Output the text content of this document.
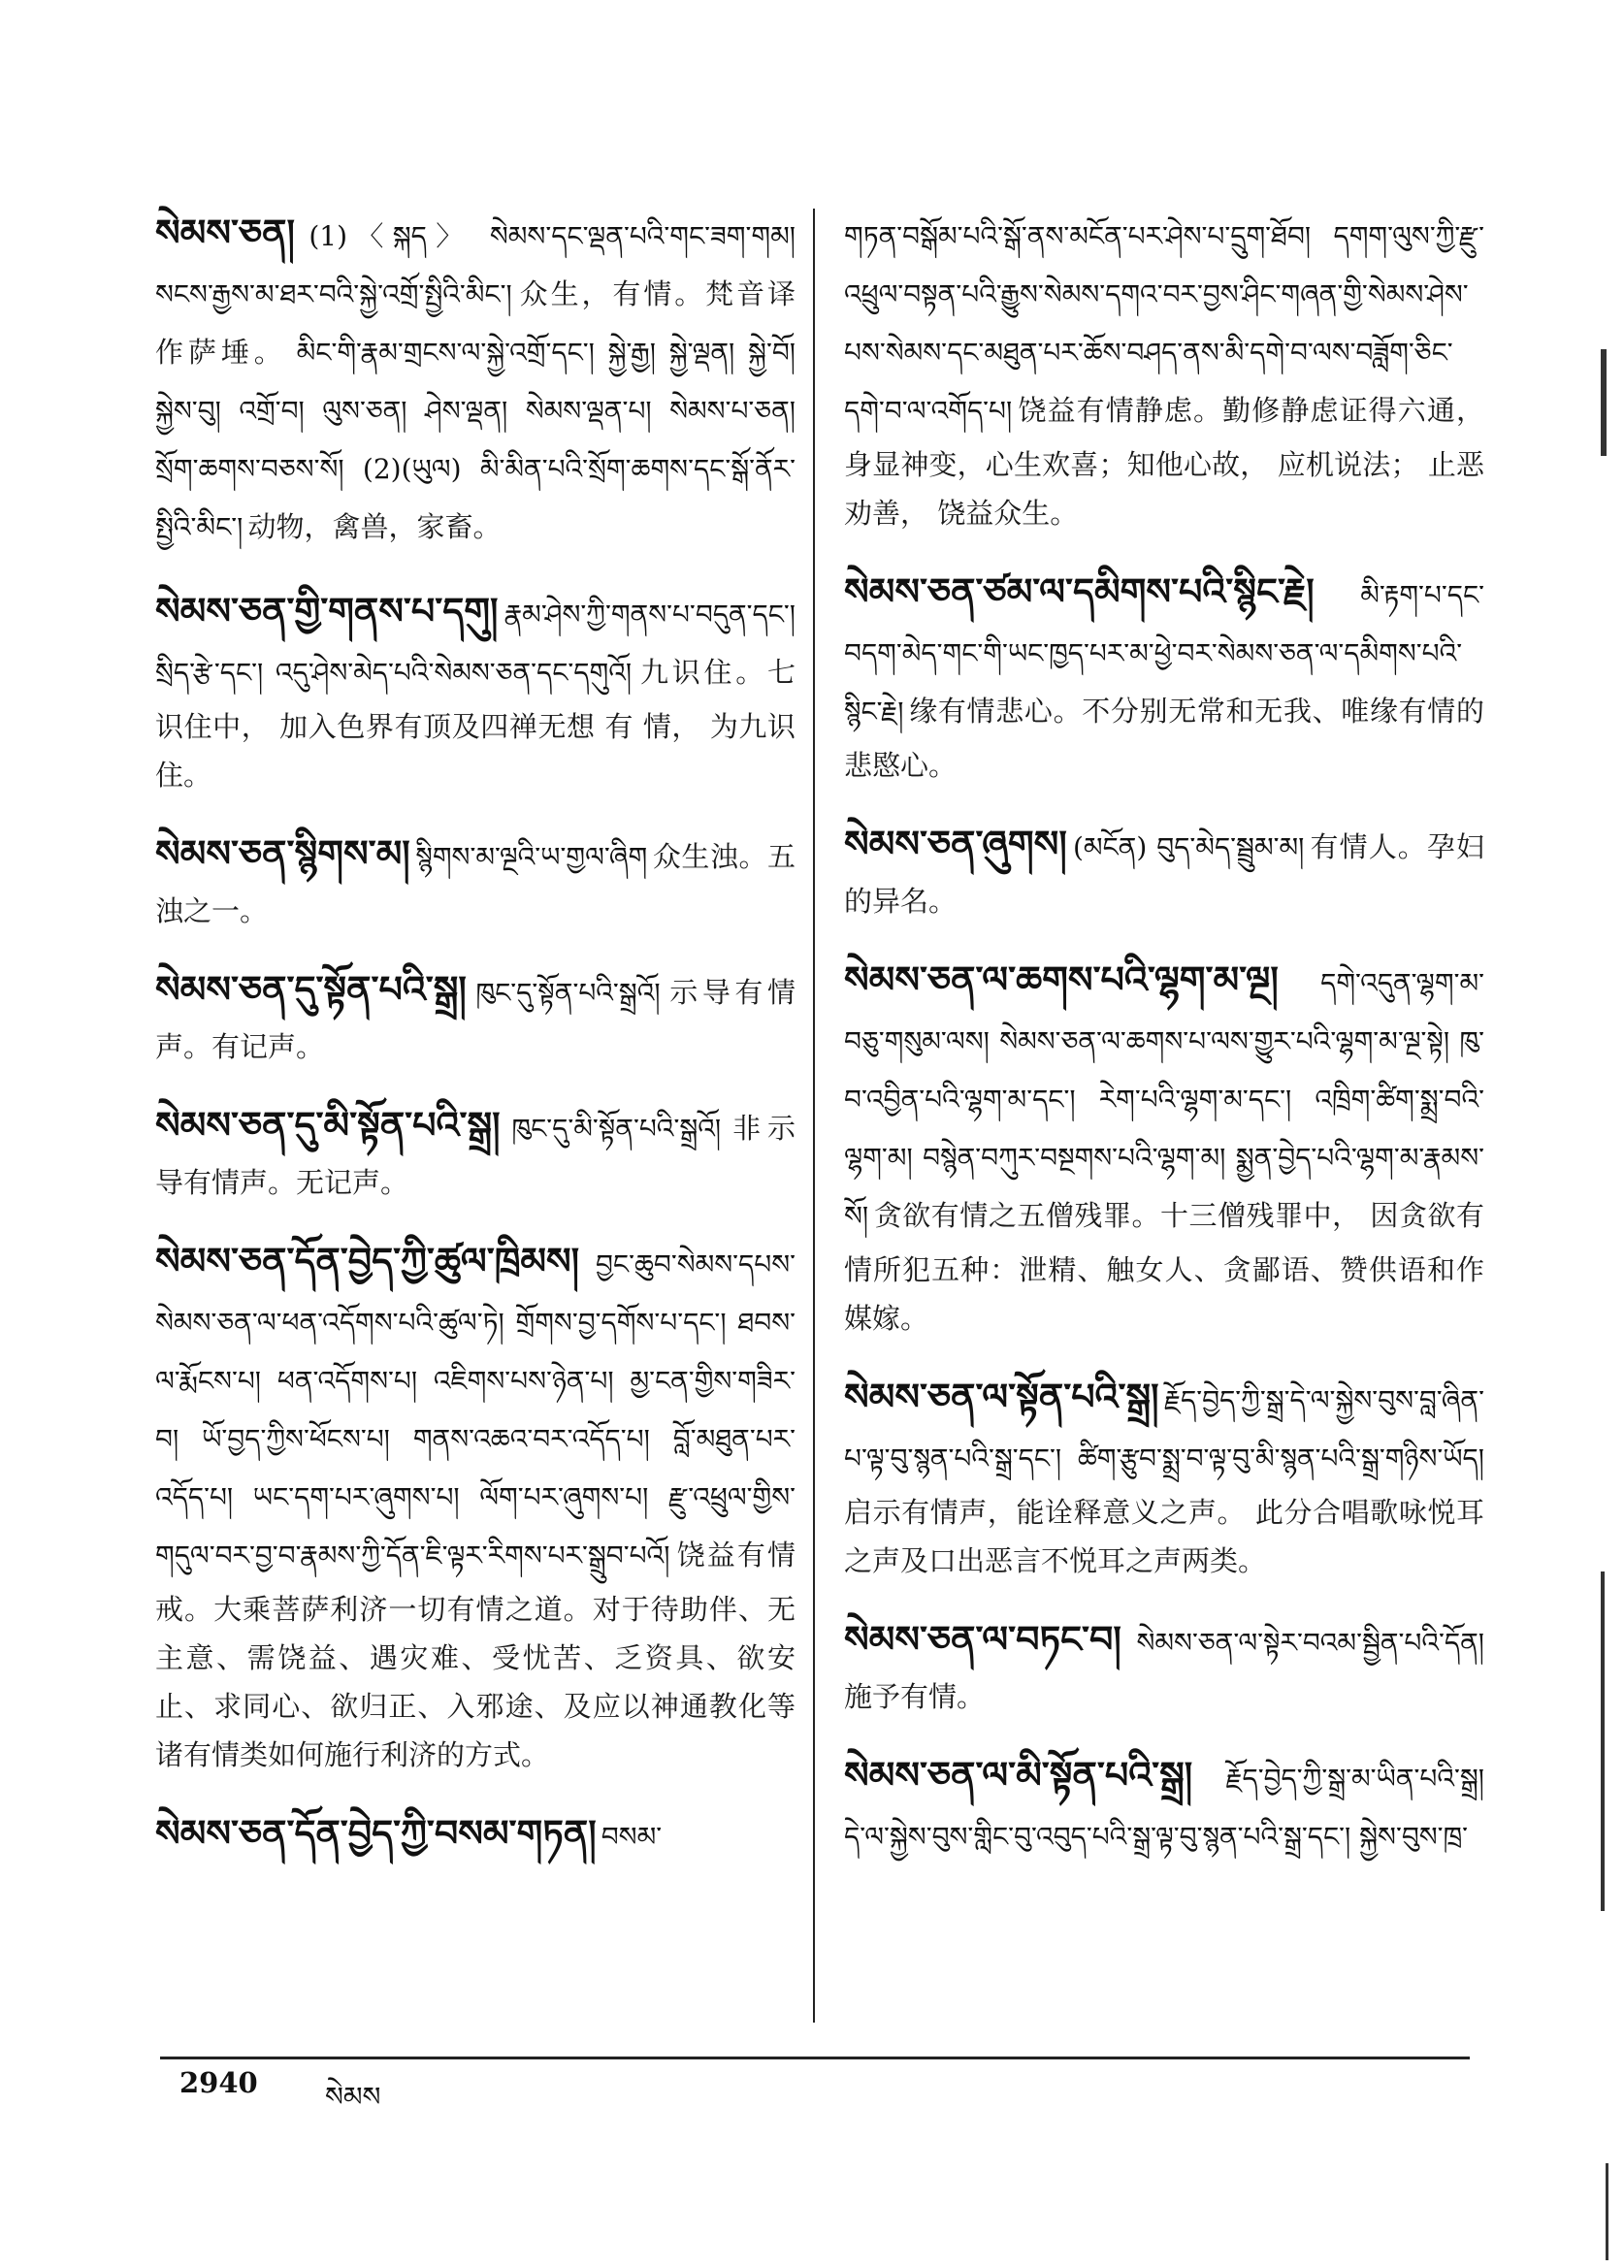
སེམས་ཅན། (1)〈སྐད〉 སེམས་དང་ལྡན་པའི་གང་ཟག་གམ། སངས་རྒྱས་མ་ཐར་བའི་སྐྱེ་འགྲོ་སྤྱིའི་མིང་། 众生，有情。梵音译作萨埵。 མིང་གི་རྣམ་གྲངས་ལ་སྐྱེ་འགྲོ་དང་། སྐྱེ་རྒྱ། སྐྱེ་ལྡན། སྐྱེ་བོ། སྐྱེས་བུ། འགྲོ་བ། ལུས་ཅན། ཤེས་ལྡན། སེམས་ལྡན་པ། སེམས་པ་ཅན། སྲོག་ཆགས་བཅས་སོ། (2)(ཡུལ) མི་མིན་པའི་སྲོག་ཆགས་དང་སྒོ་ནོར་སྤྱིའི་མིང་། 动物，禽兽，家畜。
སེམས་ཅན་གྱི་གནས་པ་དགུ། རྣམ་ཤེས་ཀྱི་གནས་པ་བདུན་དང་། སྲིད་རྩེ་དང་། འདུ་ཤེས་མེད་པའི་སེམས་ཅན་དང་དགུའོ། 九识住。七识住中， 加入色界有顶及四禅无想 有 情， 为九识住。
སེམས་ཅན་སྙིགས་མ། སྙིགས་མ་ལྔའི་ཡ་གྱལ་ཞིག 众生浊。五浊之一。
སེམས་ཅན་དུ་སྟོན་པའི་སྒྲ། ཁུང་དུ་སྟོན་པའི་སྒྲའོ། 示导有情声。有记声。
སེམས་ཅན་དུ་མི་སྟོན་པའི་སྒྲ། ཁུང་དུ་མི་སྟོན་པའི་སྒྲའོ། 非示导有情声。无记声。
སེམས་ཅན་དོན་བྱེད་ཀྱི་ཚུལ་ཁྲིམས། བྱང་ཆུབ་སེམས་དཔས་སེམས་ཅན་ལ་ཕན་འདོགས་པའི་ཚུལ་ཏེ། གྲོགས་བྱ་དགོས་པ་དང་། ཐབས་ལ་རྨོངས་པ། ཕན་འདོགས་པ། འཇིགས་པས་ཉེན་པ། མྱ་ངན་གྱིས་གཟིར་བ། ཡོ་བྱད་ཀྱིས་ཕོངས་པ། གནས་འཆའ་བར་འདོད་པ། བློ་མཐུན་པར་འདོད་པ། ཡང་དག་པར་ཞུགས་པ། ལོག་པར་ཞུགས་པ། རྫུ་འཕྲུལ་གྱིས་གདུལ་བར་བྱ་བ་རྣམས་ཀྱི་དོན་ཇི་ལྟར་རིགས་པར་སྒྲུབ་པའོ། 饶益有情戒。大乘菩萨利济一切有情之道。对于待助伴、无主意、需饶益、遇灾难、受忧苦、乏资具、欲安止、求同心、欲归正、入邪途、及应以神通教化等诸有情类如何施行利济的方式。
སེམས་ཅན་དོན་བྱེད་ཀྱི་བསམ་གཏན། བསམ་
གཏན་བསྒོམ་པའི་སྒོ་ནས་མངོན་པར་ཤེས་པ་དྲུག་ཐོབ། དགག་ལུས་ཀྱི་རྫུ་འཕྲུལ་བསྟན་པའི་རྒྱུས་སེམས་དགའ་བར་བྱས་ཤིང་གཞན་གྱི་སེམས་ཤེས་པས་སེམས་དང་མཐུན་པར་ཆོས་བཤད་ནས་མི་དགེ་བ་ལས་བཟློག་ཅིང་དགེ་བ་ལ་འགོད་པ། 饶益有情静虑。勤修静虑证得六通， 身显神变，心生欢喜；知他心故， 应机说法； 止恶劝善， 饶益众生。
སེམས་ཅན་ཙམ་ལ་དམིགས་པའི་སྙིང་རྗེ། མི་རྟག་པ་དང་བདག་མེད་གང་གི་ཡང་ཁྱད་པར་མ་ཕྱེ་བར་སེམས་ཅན་ལ་དམིགས་པའི་སྙིང་རྗེ། 缘有情悲心。不分别无常和无我、唯缘有情的悲愍心。
སེམས་ཅན་ཞུགས། (མངོན) བུད་མེད་སྦྲུམ་མ། 有情人。孕妇的异名。
སེམས་ཅན་ལ་ཆགས་པའི་ལྷག་མ་ལྔ། དགེ་འདུན་ལྷག་མ་བཅུ་གསུམ་ལས། སེམས་ཅན་ལ་ཆགས་པ་ལས་གྱུར་པའི་ལྷག་མ་ལྔ་སྟེ། ཁུ་བ་འབྱིན་པའི་ལྷག་མ་དང་། རེག་པའི་ལྷག་མ་དང་། འཁྲིག་ཚིག་སྨྲ་བའི་ལྷག་མ། བསྙེན་བཀུར་བསྔགས་པའི་ལྷག་མ། སྨྱན་བྱེད་པའི་ལྷག་མ་རྣམས་སོ། 贪欲有情之五僧残罪。十三僧残罪中， 因贪欲有情所犯五种：泄精、触女人、贪鄙语、赞供语和作媒嫁。
སེམས་ཅན་ལ་སྟོན་པའི་སྒྲ། རྗོད་བྱེད་ཀྱི་སྒྲ་དེ་ལ་སྐྱེས་བུས་བླ་ཞིན་པ་ལྟ་བུ་སྙན་པའི་སྒྲ་དང་། ཚིག་རྩུབ་སྨྲ་བ་ལྟ་བུ་མི་སྙན་པའི་སྒྲ་གཉིས་ཡོད། 启示有情声，能诠释意义之声。 此分合唱歌咏悦耳之声及口出恶言不悦耳之声两类。
སེམས་ཅན་ལ་བཏང་བ། སེམས་ཅན་ལ་སྟེར་བའམ་སྦྱིན་པའི་དོན། 施予有情。
སེམས་ཅན་ལ་མི་སྟོན་པའི་སྒྲ། རྗོད་བྱེད་ཀྱི་སྒྲ་མ་ཡིན་པའི་སྒྲ། དེ་ལ་སྐྱེས་བུས་གླིང་བུ་འབུད་པའི་སྒྲ་ལྟ་བུ་སྙན་པའི་སྒྲ་དང་། སྐྱེས་བུས་ཁྲ་
2940 སེམས
